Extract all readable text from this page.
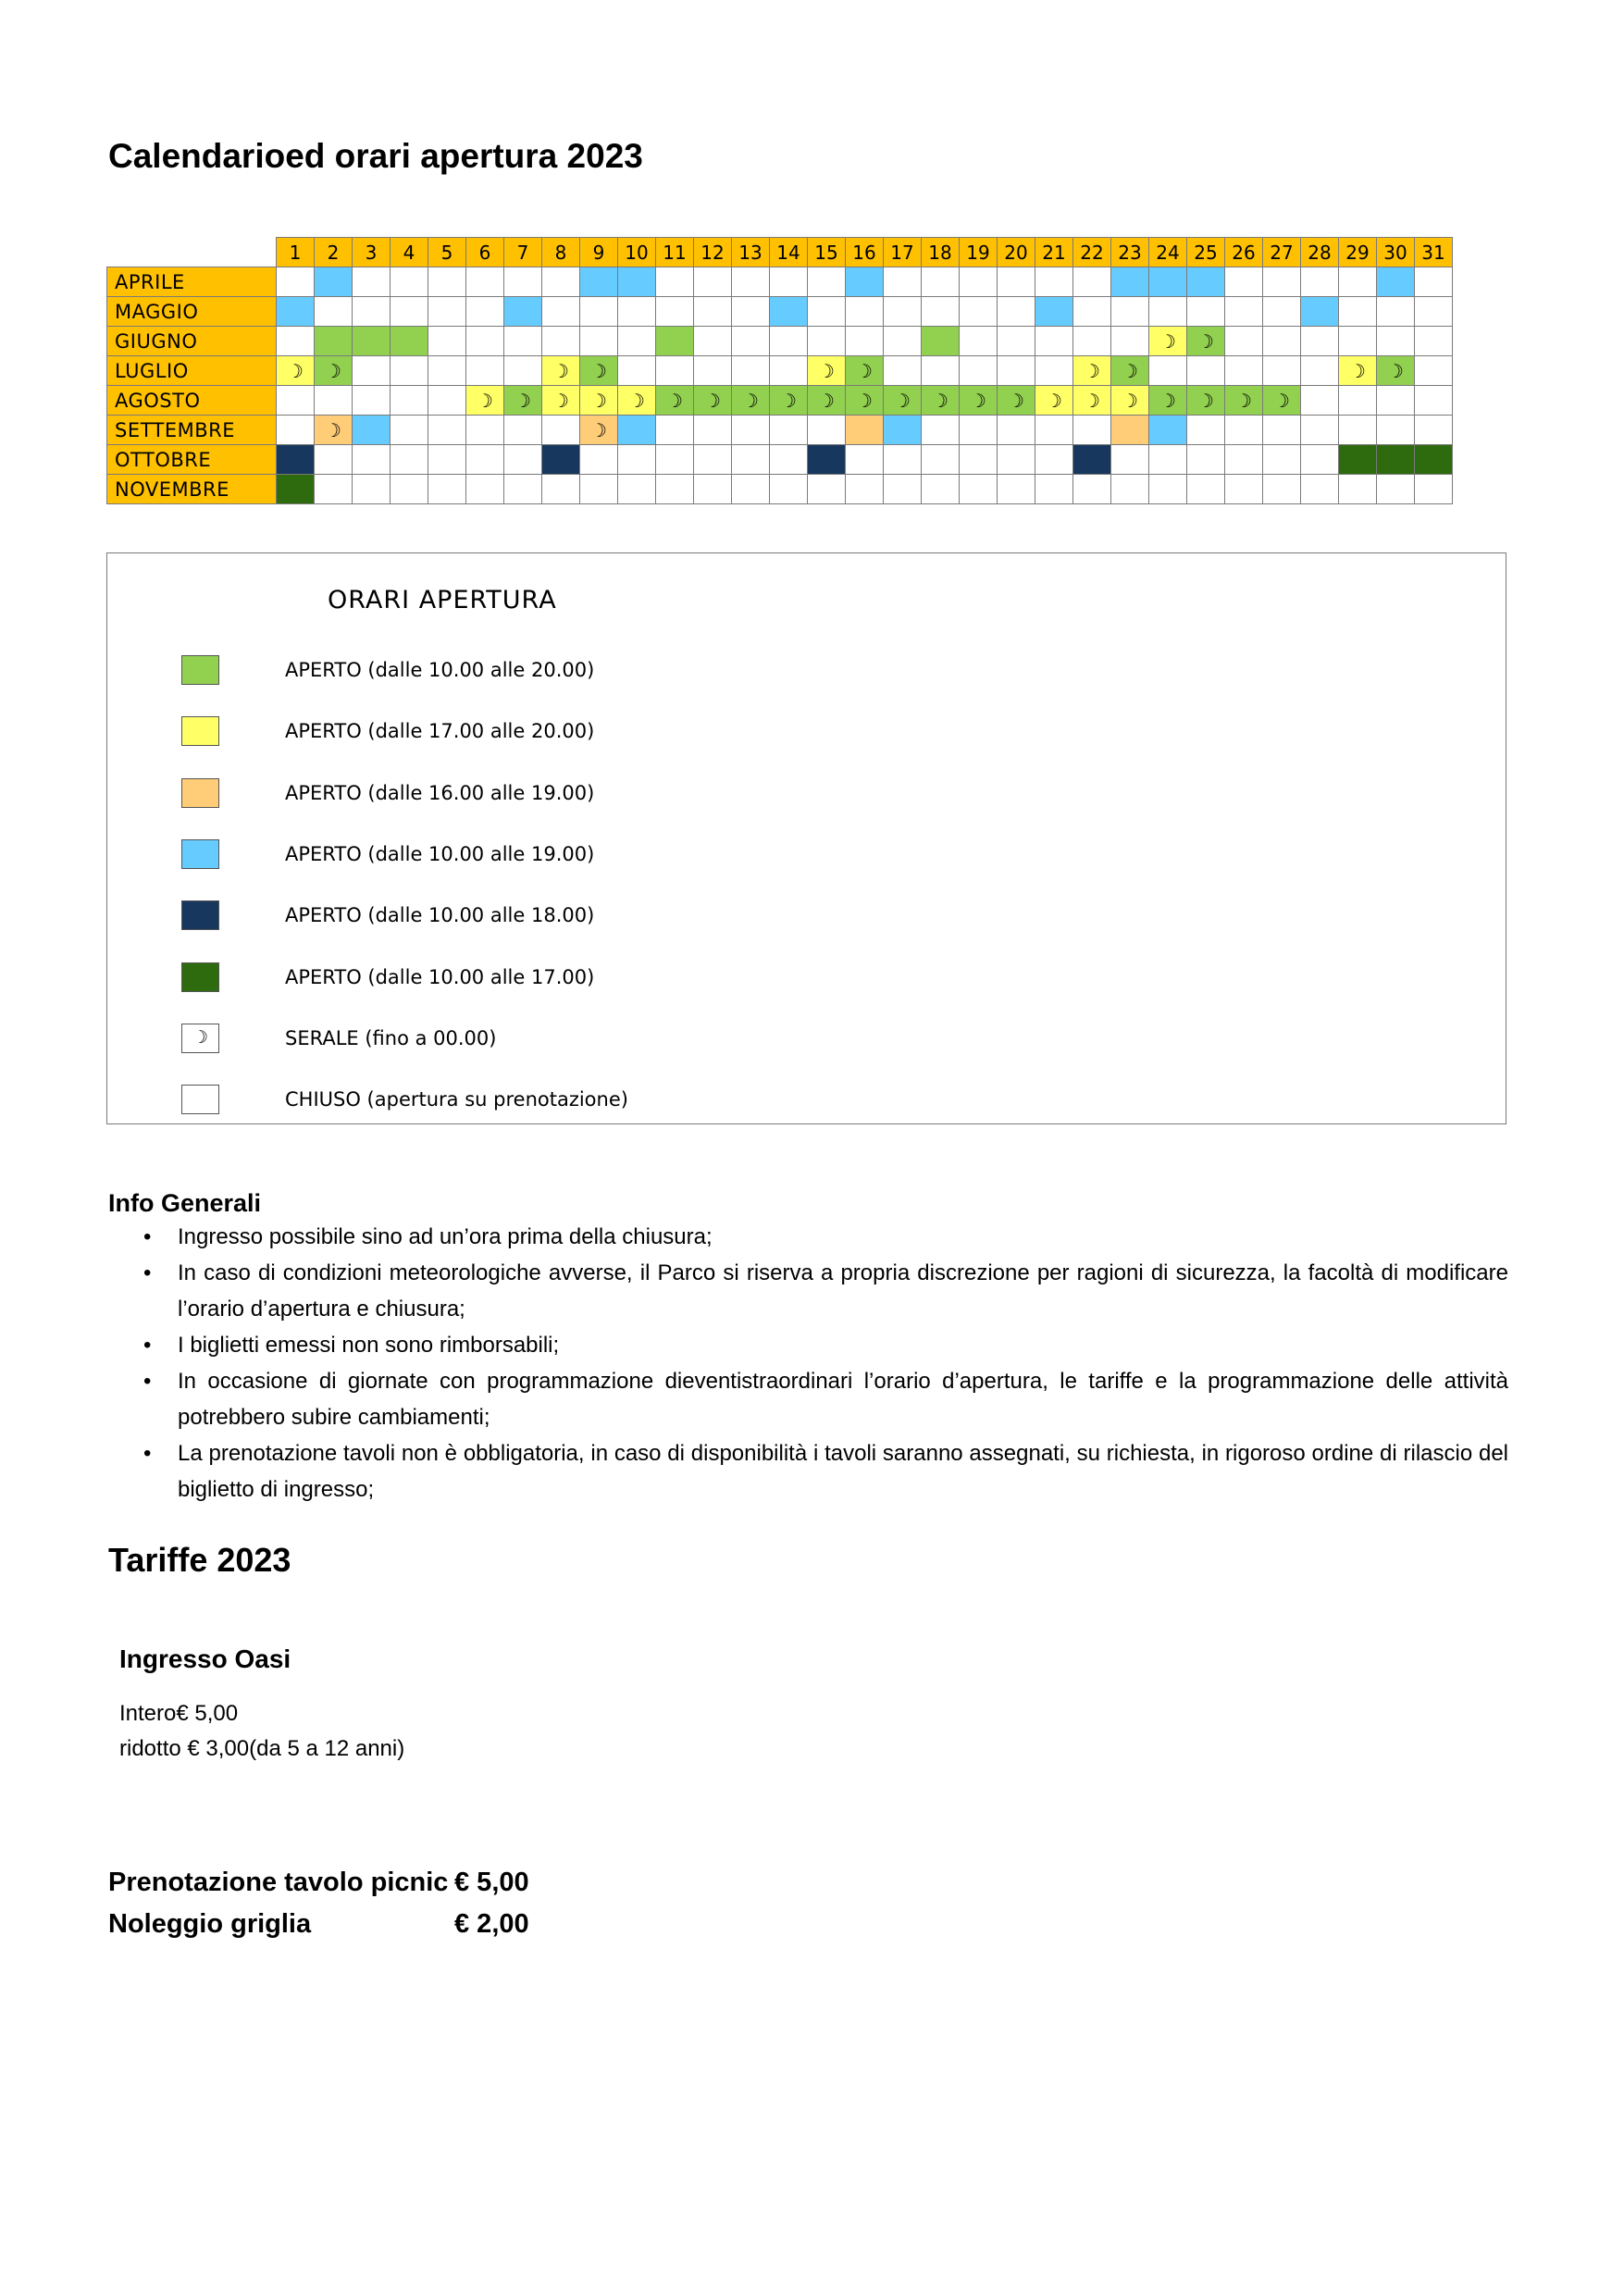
Calendarioed orari apertura 2023
	1	2	3	4	5	6	7	8	9	10	11	12	13	14	15	16	17	18	19	20	21	22	23	24	25	26	27	28	29	30	31
APRILE																															
MAGGIO																															
GIUGNO																								☽	☽						
LUGLIO	☽	☽						☽	☽						☽	☽						☽	☽						☽	☽	
AGOSTO						☽	☽	☽	☽	☽	☽	☽	☽	☽	☽	☽	☽	☽	☽	☽	☽	☽	☽	☽	☽	☽	☽				
SETTEMBRE		☽							☽																						
OTTOBRE																															
NOVEMBRE																															
ORARI APERTURA
APERTO (dalle 10.00 alle 20.00)
APERTO (dalle 17.00 alle 20.00)
APERTO (dalle 16.00 alle 19.00)
APERTO (dalle 10.00 alle 19.00)
APERTO (dalle 10.00 alle 18.00)
APERTO (dalle 10.00 alle 17.00)
☽	SERALE (fino a 00.00)
CHIUSO (apertura su prenotazione)
Info Generali
• Ingresso possibile sino ad un’ora prima della chiusura;
• In caso di condizioni meteorologiche avverse, il Parco si riserva a propria discrezione per ragioni di sicurezza, la facoltà di modificare l’orario d’apertura e chiusura;
• I biglietti emessi non sono rimborsabili;
• In occasione di giornate con programmazione dieventistraordinari l’orario d’apertura, le tariffe e la programmazione delle attività potrebbero subire cambiamenti;
• La prenotazione tavoli non è obbligatoria, in caso di disponibilità i tavoli saranno assegnati, su richiesta, in rigoroso ordine di rilascio del biglietto di ingresso;
Tariffe 2023
Ingresso Oasi
Intero€ 5,00
ridotto € 3,00(da 5 a 12 anni)
Prenotazione tavolo picnic € 5,00
Noleggio griglia	€ 2,00
